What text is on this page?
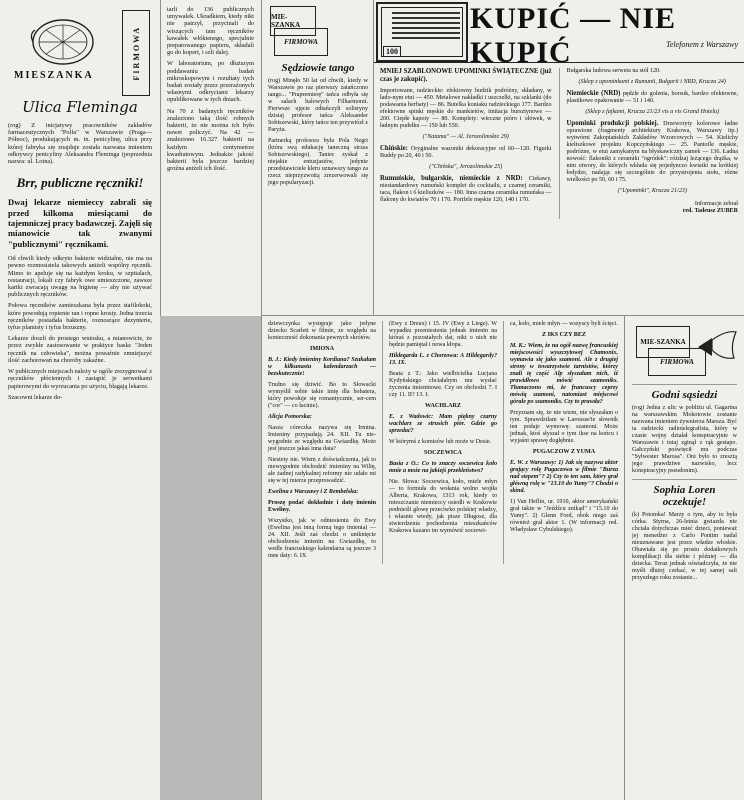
FIRMOWA
MIESZANKA
Ulica Fleminga

(rog) Z inicjatywy pracowników zakładów farmaceutycznych "Polfa" w Warszawie (Praga—Północ), produkujących m. in. penicylinę, ulica przy której fabryka się znajduje została nazwana imieniem odkrywcy penicyliny Aleksandra Fleminga (poprzednia nazwa: ul. Lotna).

Brr, publiczne ręczniki!

Dwaj lekarze niemieccy zabrali się przed kilkoma miesiącami do tajemniczej pracy badawczej. Zajęli się mianowicie tak zwanymi "publicznymi" ręcznikami.

Od chwili kiedy odkryto bakterie widzialne, nie ma na pewno rozmosistela takowych aniżeli wspólny ręcznik. Mimo to apeluje się na każdym kroku, w szpitalach, restauracji, lokali czy fabryk owe umieszczone, zawsze kartki zwracają uwagę na higienę — aby nie używać publicznych ręczników.

Połowa ręczników zamieszkana była przez stafilokoki, które powodują ropienie ran i ropne krosty. Jedna trzecia ręczników posiadała bakterie, roznoszące dezynterie, tyfus plamisty i tyfus brzuszny.

Lekarze doszli do prostego wniosku, a mianowicie, że przez zwykłe zastosowanie w praktyce hasła: "Jeden ręcznik na człowieka", można powaźnie zmniejszyć ilość zachorowań na choroby zakaźne.

W publicznych miejscach należy w ogóle zrezygnować z ręczników płóciennych i zastąpić je serwetkami papierowymi do wyrzucania po użyciu, błagają lekarze.

Szacowni lekarze do-

tarli do 136 publicznych umywalek. Ukradkiem, kiedy nikt nie patrzył, przycinali do wiszących tam ręczników kawałek włókienego, specjalnie preparowanego papieru, składali go do kopert, i szli dalej.

W laboratorium, po dłuższym poddawaniu badań mikroskopowym i rezultaty tych badań zostały przez przerażonych własnymi odkryciami lekarzy opublikowane w tych dniach.

Na 70 z badanych ręczników znaleziono taką ilość robnych bakterii, że nie można ich było nawet policzyć. Na 42 — znaleziono 16.327 bakterii na każdym centymetrze kwadratowym. Jednakże jakość bakterii była jeszcze bardziej groźna aniżeli ich ilość.

MIE-SZANKA
FIRMOWA
Sędziowie tango

(rog) Minęło 50 lat od chwili, kiedy w Warszawie po raz pierwszy zatańczono tango... "Prapremierę" tańca odbyła się w salach balowych Filharmonii. Pierwsze ujęcie odtańczyli solistyny dzisiaj profesor tańca Aleksander Sobiszewski, który tańce ten przywiózł z Paryża.

Partnerką profesora była Pola Negri (która swą edukację taneczną strzas Sobiszewskiego). Taniec zyskał z niejakie entuzjastów, jedynie przedstawiciele kleru uznawszy tango za rzecz nieprzyzwoitą zrezerwowali się jego popularyzacji.

100
KUPIĆ — NIE KUPIĆ	Telefonem z Warszawy

MNIEJ SZABLONOWE UPOMINKI ŚWIĄTECZNE (już czas je zakupić).

Importowane, radzieckie: efektowny budzik podróżny, składany, w łado-nym etui — 450. Metalowe nakładki i uszczelki, na szklanki (do podawania herbaty) — 86. Butelka koniaku radzieckiego 177. Bardzo efektowne spinki męskie do mankietów, imitacja bursztynowe — 200. Ciepłe kapoty — 80. Komplety: wieczne pióro i ołówek, w ładnym pudełku — 150 lub 550.

("Natama" — Al. Jerozolimskie 29)

Chińskie: Oryginalne wazoniki dekoracyjne od 60—120. Figurki Buddy po 20, 40 i 50.

("Chińska", Jerozolimskie 25)

Rumuńskie, bułgarskie, niemieckie z NRD: Ciekawy, niestandardowy rumuński komplet do cocktailu, z czarnej ceramiki, taca, flakon i 6 kieliszków — 180. Inna czarna ceramika rumuńska — flakony do kwiatów 70 i 170. Portfele męskie 120, 140 i 170.

Bułgarska ludowa serweta na stół 120.

(Sklep z upominkami z Rumunii, Bułgarii i NRD, Krucza 24)

Niemieckie (NRD) pędzle do golenia, borsuk, bardzo efektowne, plastikowe opakowanie — 51 i 140.

(Sklep z fajkami, Krucza 21/23 vis a vis Grand Hotelu)

Upominki produkcji polskiej. Drzeworyty kolorowe ładne oprawione (fragmenty architektury Krakowa, Warszawy itp.) wytwórni Zakopiańskich Zakładów Wzorcowych — 54. Kielichy kieliszkowe projektu Kopczyńskiego — 25. Pantofle męskie, podróżne, w etui zamykanym na błyskawiczny zamek — 136. Ładna nowość: flakoniki z ceramiki "ogródek": różdzaj leżącego drążka, w nim otwory, do których wkłada się pojedynczo kwiatki na krótkiej łodydze, nadając się szczególnie do przystrojenia stołu, różne wielkości po 50, 60 i 75.

("Upominki", Krucza 21/23)

Informacje zebrał

red. Tadeusz ZUBER

dziewczynka występuje jako jedyne dziecko Scarlett w filmie, ze względu na konieczność dokonania pewnych skrótów.

IMIONA

B. J.: Kiedy imieniny Kordiana? Szukałam w kilkunastu kalendarzach — bezskutecznie!

Trudno się dziwić. Bo to Słowacki wymyślił sobie takie imię dla bohatera, który powołuje się romantycznie, ser-cem ("cor" — co łacinie).

Alicja Pomorska:

Nasza córeczka nazywa się Irmina. Imieniny przypadają 24. XII. Tu nie-wygodnie ze względu na Gwiazdkę. Może jest jeszcze jakaś inna data?

Niestety nie. Wiem z doświadczenia, jak to niewygodnie obchodzić imieniny na Wilię, ale żadnej radykalnej reformy nie udało mi się w tej mierze przeprowadzić.

Ewelina z Warszawy i Z Rembelska:

Proszę podać dokładnie i datę imienin Eweliny.

Wszystko, jak w odniesieniu do Ewy (Ewelina jest inną formą tego imienia) — 24. XII. Jeśli zaś chodzi o uniknięcie obchodzenia imienin na Gwiazdkę, to wedle francuskiego kalendarza są jeszcze 3 inne daty: 6. IX

(Ewy z Dreux) i 15. IV (Ewy z Liege). W wypadku przeniesienia jednak imienin na któraś z pozostałych dat, nikt o nich nie będzie pamiętał i nowa kłopa.

Hildegarda L. z Chorzowa: A Hildegardy? 13. IX.

Beata z T.: Jako wielbicielka Lucjana Kydyńskiego chciałabym mu wysłać życzenia imieninowe. Czy on obchodzi 7. I czy 11. II? 13. I.

WACHLARZ

E. z Wadowic: Mam piękny czarny wachlarz ze strusich piór. Gdzie go sprzedać?

W którymś z komisów lub może w Desie.

SOCZEWICA

Basia z O.: Co to znaczy soczewica koło mnie a może na jakiejś przekleństwo?

Nie. Słowa: Soczewica, koło, miele młyn — to formuła do wołania wolno wojtła Alberta, Krakowa, 1313 rok, kiedy to mieszczanie niemieccy osiedli w Krakowie podnieśli głowę przeciwko polskiej władzy, i własnie wtedy, jak pisze Długosz, dla stwierdzenia pochodzenia mieszkańców Krakowa kazano im wymówić soczewi-

ca, koło, miele młyn — wszyscy byli ścięci.

Z IKS CZY BEZ

M. K.: Wiem, że na ogół nazwę francuskiej miejscowości wyszczytowej Chamonix, wymawia się jako szamoni. Ale z drugiej strony w towarzystwie tarnistów, którzy znali tę część Alp słyszałam nich, iż prawidłowo mówić szamoniks. Tłumaczono mi, że francuscy ceprzy mówią szamoni, natomiast miejscowi górale po szamoniks. Czy to prawda?

Przyznam się, że nie wiem, nie słyszałam o tym. Sprawdziłam w Larousse'ie słownik ten podaje wymowę: szamoni. Może jednak, ktoś słyszał o tym ikse na końcu i wyjaśni sprawę dogłębnie.

PUGACZOW Z YUMA

E. W. z Warszawy: 1) Jak się nazywa aktor grający rolę Pugaczowa w filmie "Burza nad stepem"? 2) Czy to ten sam, który grał główną rolę w "13.10 do Yumy"? Chodzi o skind.

1) Van Heflin, ur. 1910, aktor amerykański grał także w "Jeźdźcu znikąd" i "15.10 do Yumy". 2) Glenn Ford, obok niego zaś również grał aktor 1. (W informacji red. Władysław Cybulskiego).

MIE-SZANKA
FIRMOWA
Godni sąsiedzi

(rog) Jedna z ulic w pobliżu ul. Gagarina na warszawskim Mokotowie zostanie nazwana imieniem żywnierza Marsza. Być ta radziecki radiotelegrafista, który w czasie wojny działał konspiracyjnie w Warszawie i tutaj zginął z rąk gestapo. Gałczyński poświęcił mu podczas "Sylwester Marosa". Oni było to zresztą jego prawdziwe nazwisko, lecz konspiracyjny pseudonim).

Sophia Loren oczekuje!

(k) Potomka! Marzy o tym, aby to była córka. Styrna, 26-letnia gwiazda nie chciała dotychczas mieć dzieci, ponieważ jej menedżer z Carlo Pontim nadal nieuznawane jest przez władze włoskie. Obawiała się po prostu dodatkowych komplikacji dla siebie i później — dla dziecka. Teraz jednak oświadczyła, że nie myśli dłużej czekać, w tej samej sali przyszłego roku zostanie...
